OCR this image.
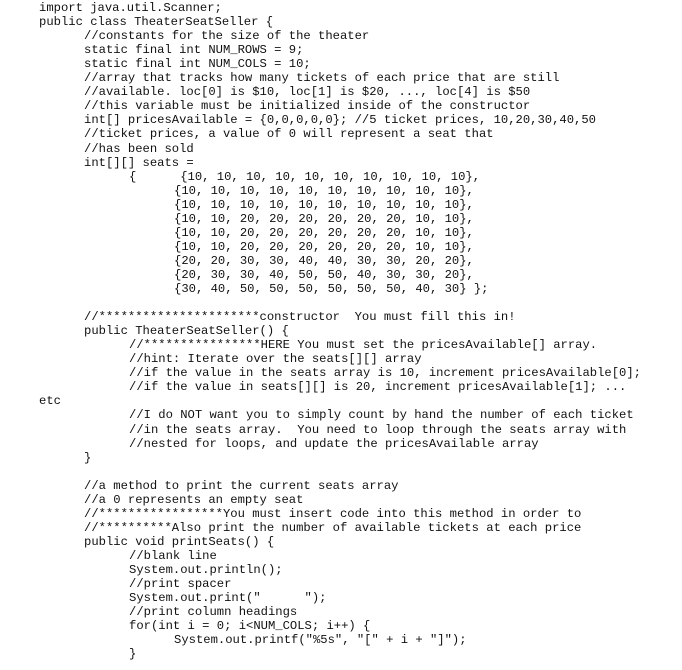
import java.util.Scanner;
public class TheaterSeatSeller {
//constants for the size of the theater
static final int NUM_ROWS = 9;
static final int NUM_COLS = 10;
//array that tracks how many tickets of each price that are still
//available. loc[0] is $10, loc[1] is $20, ..., loc[4] is $50
//this variable must be initialized inside of the constructor
int[] pricesAvailable = {0,0,0,0,0}; //5 ticket prices, 10,20,30,40,50
//ticket prices, a value of 0 will represent a seat that
//has been sold
int[][] seats =
{      {10, 10, 10, 10, 10, 10, 10, 10, 10, 10},
{10, 10, 10, 10, 10, 10, 10, 10, 10, 10},
{10, 10, 10, 10, 10, 10, 10, 10, 10, 10},
{10, 10, 20, 20, 20, 20, 20, 20, 10, 10},
{10, 10, 20, 20, 20, 20, 20, 20, 10, 10},
{10, 10, 20, 20, 20, 20, 20, 20, 10, 10},
{20, 20, 30, 30, 40, 40, 30, 30, 20, 20},
{20, 30, 30, 40, 50, 50, 40, 30, 30, 20},
{30, 40, 50, 50, 50, 50, 50, 50, 40, 30} };
//**********************constructor  You must fill this in!
public TheaterSeatSeller() {
//****************HERE You must set the pricesAvailable[] array.
//hint: Iterate over the seats[][] array
//if the value in the seats array is 10, increment pricesAvailable[0];
//if the value in seats[][] is 20, increment pricesAvailable[1]; ...
etc
//I do NOT want you to simply count by hand the number of each ticket
//in the seats array.  You need to loop through the seats array with
//nested for loops, and update the pricesAvailable array
}
//a method to print the current seats array
//a 0 represents an empty seat
//*****************You must insert code into this method in order to
//**********Also print the number of available tickets at each price
public void printSeats() {
//blank line
System.out.println();
//print spacer
System.out.print("      ");
//print column headings
for(int i = 0; i<NUM_COLS; i++) {
System.out.printf("%5s", "[" + i + "]");
}
